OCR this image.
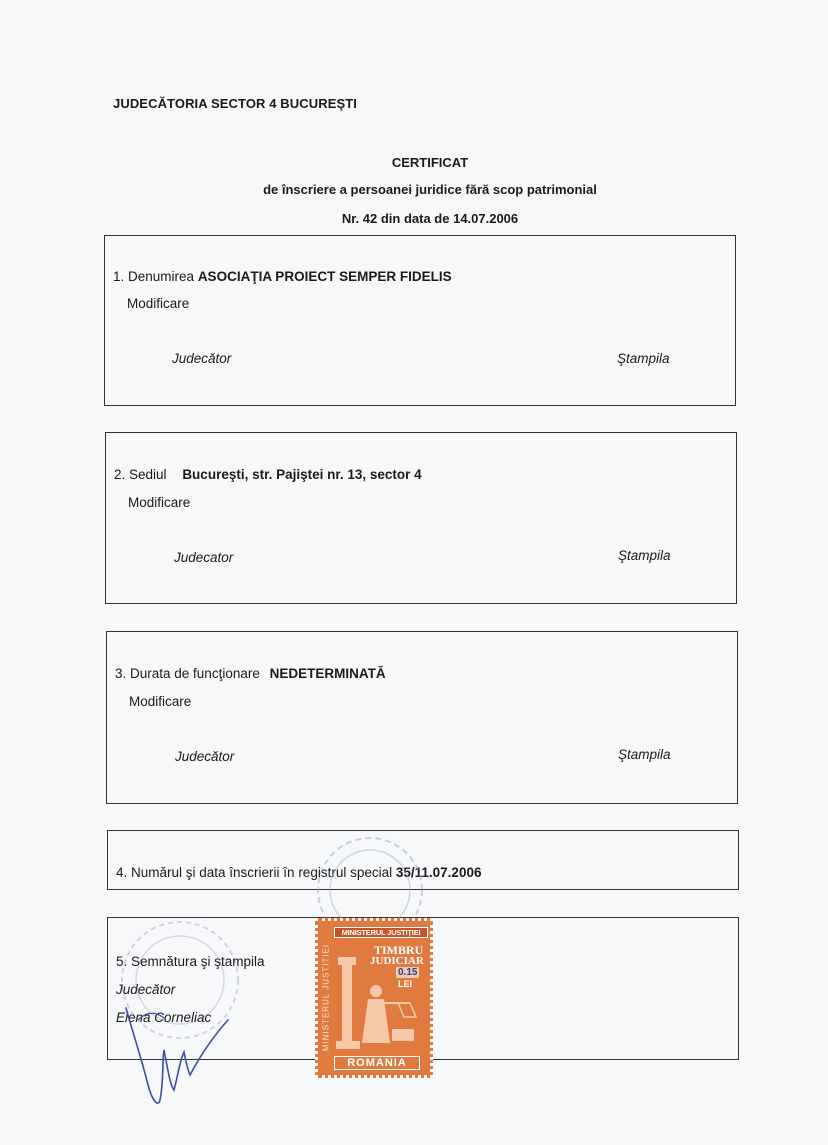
JUDECĂTORIA SECTOR 4 BUCUREŞTI
CERTIFICAT
de înscriere a persoanei juridice fără scop patrimonial
Nr. 42 din data de 14.07.2006
1. Denumirea ASOCIAŢIA PROIECT SEMPER FIDELIS
Modificare
Judecător	Ştampila
2. Sediul Bucureşti, str. Pajiştei nr. 13, sector 4
Modificare
Judecator	Ştampila
3. Durata de funcţionare NEDETERMINATĂ
Modificare
Judecător	Ştampila
4. Numărul şi data înscrierii în registrul special 35/11.07.2006
5. Semnătura şi ştampila
Judecător
Elena Corneliac
MINISTERUL JUSTIŢIEI
MINISTERUL JUSTITIEI	TIMBRU
JUDICIAR
0.15
LEI
ROMANIA
